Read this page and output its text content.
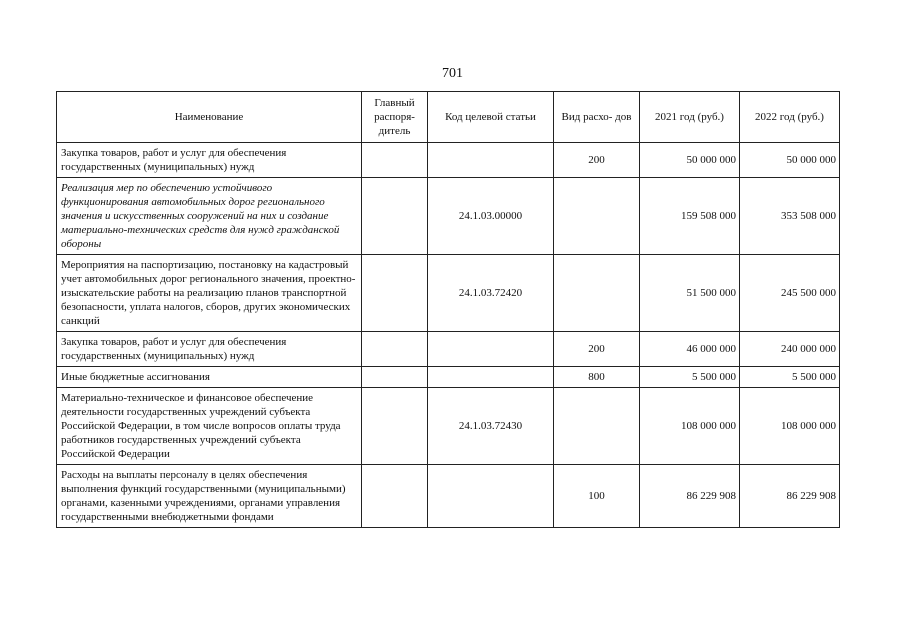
701
Наименование	Главный распоря- дитель	Код целевой статьи	Вид расхо- дов	2021 год (руб.)	2022 год (руб.)
Закупка товаров, работ и услуг для обеспечения государственных (муниципальных) нужд			200	50 000 000	50 000 000
Реализация мер по обеспечению устойчивого функционирования автомобильных дорог регионального значения и искусственных сооружений на них и создание материально-технических средств для нужд гражданской обороны		24.1.03.00000		159 508 000	353 508 000
Мероприятия на паспортизацию, постановку на кадастровый учет автомобильных дорог регионального значения, проектно-изыскательские работы на реализацию планов транспортной безопасности, уплата налогов, сборов, других экономических санкций		24.1.03.72420		51 500 000	245 500 000
Закупка товаров, работ и услуг для обеспечения государственных (муниципальных) нужд			200	46 000 000	240 000 000
Иные бюджетные ассигнования			800	5 500 000	5 500 000
Материально-техническое и финансовое обеспечение деятельности государственных учреждений субъекта Российской Федерации, в том числе вопросов оплаты труда работников государственных учреждений субъекта Российской Федерации		24.1.03.72430		108 000 000	108 000 000
Расходы на выплаты персоналу в целях обеспечения выполнения функций государственными (муниципальными) органами, казенными учреждениями, органами управления государственными внебюджетными фондами			100	86 229 908	86 229 908
